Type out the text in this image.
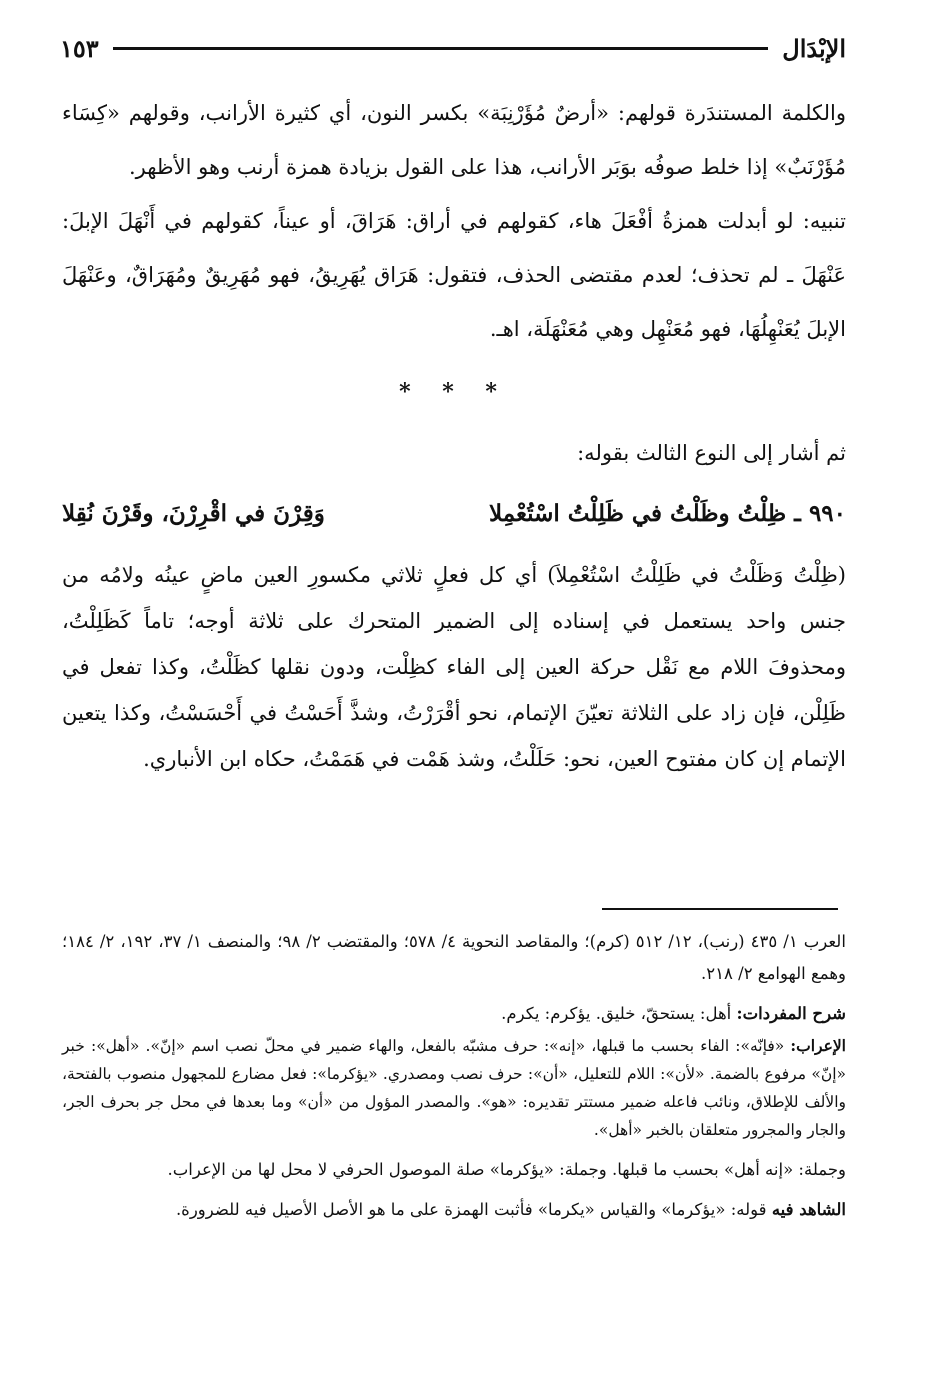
الإبْدَال
١٥٣

والكلمة المستندَرة قولهم: «أرضٌ مُؤَرْنِبَة» بكسر النون، أي كثيرة الأرانب، وقولهم «كِسَاء مُؤَرْنَبٌ» إذا خلط صوفُه بوَبَر الأرانب، هذا على القول بزيادة همزة أرنب وهو الأظهر.

تنبيه: لو أبدلت همزةُ أفْعَلَ هاء، كقولهم في أراق: هَرَاقَ، أو عيناً، كقولهم في أَنْهَلَ الإبلَ: عَنْهَلَ ـ لم تحذف؛ لعدم مقتضى الحذف، فتقول: هَرَاق يُهَرِيقُ، فهو مُهَرِيقٌ ومُهَرَاقٌ، وعَنْهَلَ الإبلَ يُعَنْهِلُهَا، فهو مُعَنْهِل وهي مُعَنْهَلَة، اهـ.

* * *

ثم أشار إلى النوع الثالث بقوله:

٩٩٠ ـ ظِلْتُ وظَلْتُ في ظَلِلْتُ اسْتُعْمِلا
وَقِرْنَ في اقْرِرْنَ، وقَرْنَ نُقِلا

(ظِلْتُ وَظَلْتُ في ظَلِلْتُ اسْتُعْمِلاَ) أي كل فعلٍ ثلاثي مكسورِ العين ماضٍ عينُه ولامُه من جنس واحد يستعمل في إسناده إلى الضمير المتحرك على ثلاثة أوجه؛ تاماً كَظَلِلْتُ، ومحذوفَ اللام مع نَقْل حركة العين إلى الفاء كظِلْت، ودون نقلها كظَلْتُ، وكذا تفعل في ظَلِلْن، فإن زاد على الثلاثة تعيّنَ الإتمام، نحو أقْرَرْتُ، وشذَّ أَحَسْتُ في أَحْسَسْتُ، وكذا يتعين الإتمام إن كان مفتوح العين، نحو: حَلَلْتُ، وشذ هَمْت في هَمَمْتُ، حكاه ابن الأنباري.

العرب ١/ ٤٣٥ (رنب)، ١٢/ ٥١٢ (كرم)؛ والمقاصد النحوية ٤/ ٥٧٨؛ والمقتضب ٢/ ٩٨؛ والمنصف ١/ ٣٧، ١٩٢، ٢/ ١٨٤؛ وهمع الهوامع ٢/ ٢١٨.

شرح المفردات: أهل: يستحقّ، خليق. يؤكرم: يكرم.

الإعراب: «فإنّه»: الفاء بحسب ما قبلها، «إنه»: حرف مشبّه بالفعل، والهاء ضمير في محلّ نصب اسم «إنّ». «أهل»: خبر «إنّ» مرفوع بالضمة. «لأن»: اللام للتعليل، «أن»: حرف نصب ومصدري. «يؤكرما»: فعل مضارع للمجهول منصوب بالفتحة، والألف للإطلاق، ونائب فاعله ضمير مستتر تقديره: «هو». والمصدر المؤول من «أن» وما بعدها في محل جر بحرف الجر، والجار والمجرور متعلقان بالخبر «أهل».

وجملة: «إنه أهل» بحسب ما قبلها. وجملة: «يؤكرما» صلة الموصول الحرفي لا محل لها من الإعراب.

الشاهد فيه قوله: «يؤكرما» والقياس «يكرما» فأثبت الهمزة على ما هو الأصل الأصيل فيه للضرورة.
